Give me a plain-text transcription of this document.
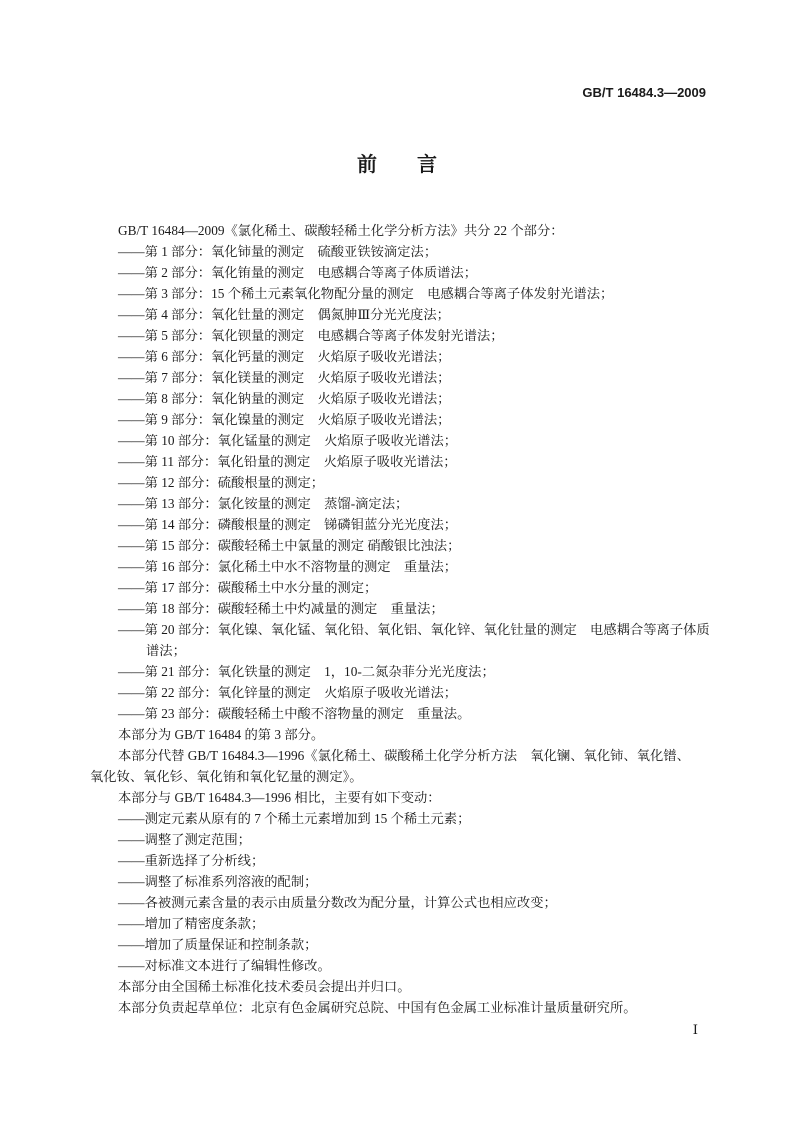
GB/T 16484.3—2009
前　　言
GB/T 16484—2009《氯化稀土、碳酸轻稀土化学分析方法》共分 22 个部分：
——第 1 部分：氧化铈量的测定　硫酸亚铁铵滴定法；
——第 2 部分：氧化铕量的测定　电感耦合等离子体质谱法；
——第 3 部分：15 个稀土元素氧化物配分量的测定　电感耦合等离子体发射光谱法；
——第 4 部分：氧化钍量的测定　偶氮胂Ⅲ分光光度法；
——第 5 部分：氧化钡量的测定　电感耦合等离子体发射光谱法；
——第 6 部分：氧化钙量的测定　火焰原子吸收光谱法；
——第 7 部分：氧化镁量的测定　火焰原子吸收光谱法；
——第 8 部分：氧化钠量的测定　火焰原子吸收光谱法；
——第 9 部分：氧化镍量的测定　火焰原子吸收光谱法；
——第 10 部分：氧化锰量的测定　火焰原子吸收光谱法；
——第 11 部分：氧化铅量的测定　火焰原子吸收光谱法；
——第 12 部分：硫酸根量的测定；
——第 13 部分：氯化铵量的测定　蒸馏-滴定法；
——第 14 部分：磷酸根量的测定　锑磷钼蓝分光光度法；
——第 15 部分：碳酸轻稀土中氯量的测定 硝酸银比浊法；
——第 16 部分：氯化稀土中水不溶物量的测定　重量法；
——第 17 部分：碳酸稀土中水分量的测定；
——第 18 部分：碳酸轻稀土中灼减量的测定　重量法；
——第 20 部分：氧化镍、氧化锰、氧化铅、氧化铝、氧化锌、氧化钍量的测定　电感耦合等离子体质
谱法；
——第 21 部分：氧化铁量的测定　1，10-二氮杂菲分光光度法；
——第 22 部分：氧化锌量的测定　火焰原子吸收光谱法；
——第 23 部分：碳酸轻稀土中酸不溶物量的测定　重量法。
本部分为 GB/T 16484 的第 3 部分。
本部分代替 GB/T 16484.3—1996《氯化稀土、碳酸稀土化学分析方法　氧化镧、氧化铈、氧化镨、
氧化钕、氧化钐、氧化铕和氧化钇量的测定》。
本部分与 GB/T 16484.3—1996 相比，主要有如下变动：
——测定元素从原有的 7 个稀土元素增加到 15 个稀土元素；
——调整了测定范围；
——重新选择了分析线；
——调整了标准系列溶液的配制；
——各被测元素含量的表示由质量分数改为配分量，计算公式也相应改变；
——增加了精密度条款；
——增加了质量保证和控制条款；
——对标准文本进行了编辑性修改。
本部分由全国稀土标准化技术委员会提出并归口。
本部分负责起草单位：北京有色金属研究总院、中国有色金属工业标准计量质量研究所。
Ⅰ
